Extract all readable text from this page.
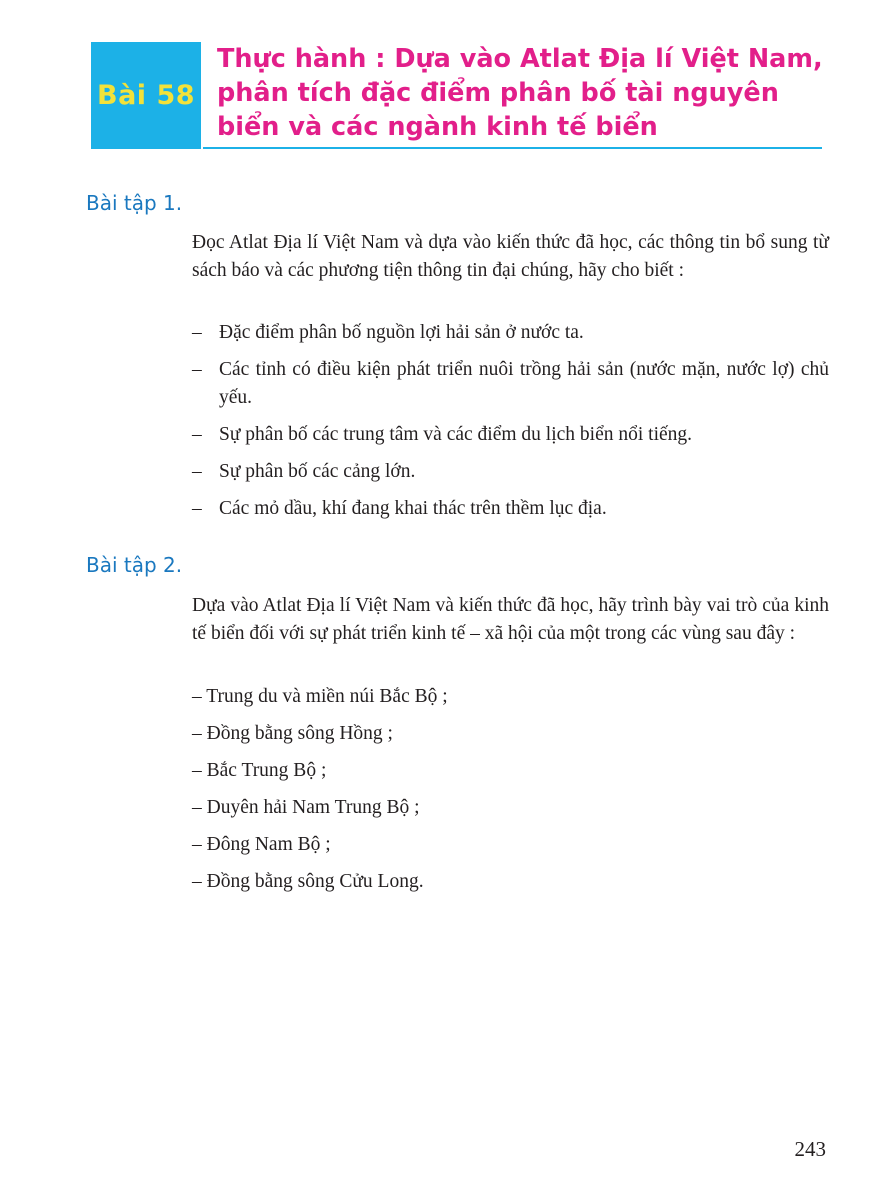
Bài 58
Thực hành : Dựa vào Atlat Địa lí Việt Nam,
phân tích đặc điểm phân bố tài nguyên
biển và các ngành kinh tế biển
Bài tập 1.

Đọc Atlat Địa lí Việt Nam và dựa vào kiến thức đã học, các thông tin bổ sung từ sách báo và các phương tiện thông tin đại chúng, hãy cho biết :

– Đặc điểm phân bố nguồn lợi hải sản ở nước ta.

– Các tỉnh có điều kiện phát triển nuôi trồng hải sản (nước mặn, nước lợ) chủ yếu.

– Sự phân bố các trung tâm và các điểm du lịch biển nổi tiếng.

– Sự phân bố các cảng lớn.

– Các mỏ dầu, khí đang khai thác trên thềm lục địa.

Bài tập 2.

Dựa vào Atlat Địa lí Việt Nam và kiến thức đã học, hãy trình bày vai trò của kinh tế biển đối với sự phát triển kinh tế – xã hội của một trong các vùng sau đây :

– Trung du và miền núi Bắc Bộ ;

– Đồng bằng sông Hồng ;

– Bắc Trung Bộ ;

– Duyên hải Nam Trung Bộ ;

– Đông Nam Bộ ;

– Đồng bằng sông Cửu Long.

243
